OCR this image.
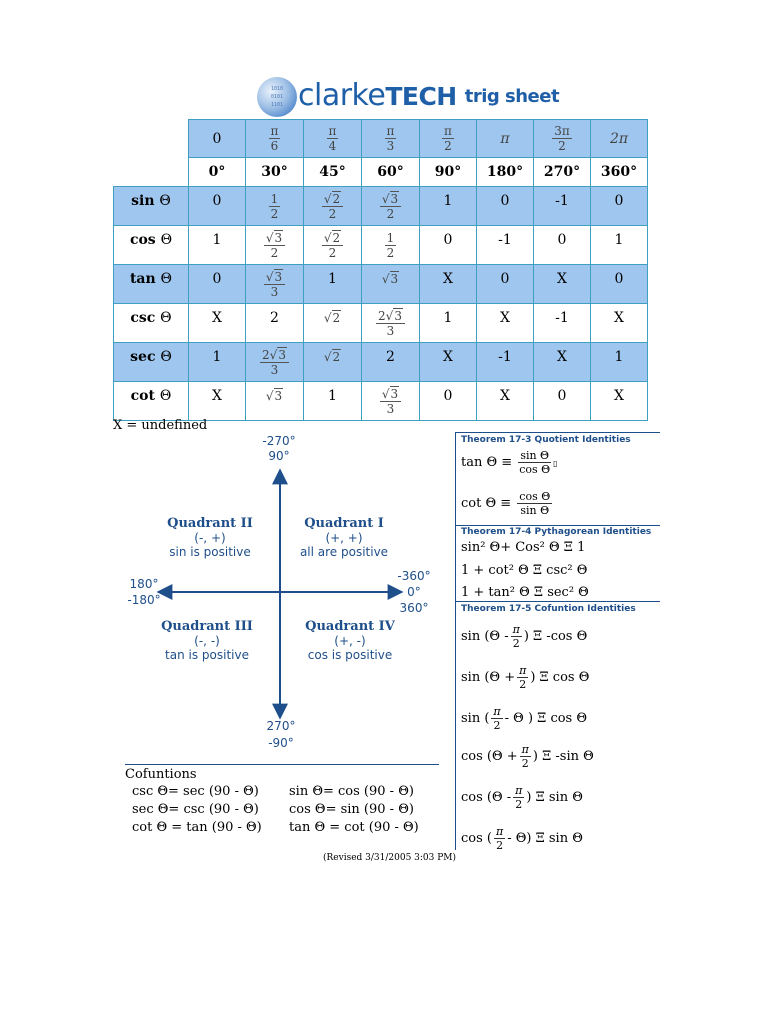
1010
0101
1101 clarkeTECH trig sheet
	0	$\frac{\pi}{6}$	$\frac{\pi}{4}$	$\frac{\pi}{3}$	$\frac{\pi}{2}$	π	$\frac{3\pi}{2}$	2π
	0°	30°	45°	60°	90°	180°	270°	360°
sin Θ	0	$\frac{1}{2}$	$\frac{√2}{2}$	$\frac{√3}{2}$	1	0	-1	0
cos Θ	1	$\frac{√3}{2}$	$\frac{√2}{2}$	$\frac{1}{2}$	0	-1	0	1
tan Θ	0	$\frac{√3}{3}$	1	√3	X	0	X	0
csc Θ	X	2	√2	$\frac{2√3}{3}$	1	X	-1	X
sec Θ	1	$\frac{2√3}{3}$	√2	2	X	-1	X	1
cot Θ	X	√3	1	$\frac{√3}{3}$	0	X	0	X
X = undefined
-270°
90°
180°
-180°
-360°
0°
360°
270°
-90°
Quadrant II
(-, +)
sin is positive
Quadrant I
(+, +)
all are positive
Quadrant III
(-, -)
tan is positive
Quadrant IV
(+, -)
cos is positive
Cofuntions
csc Θ= sec (90 - Θ)
sec Θ= csc (90 - Θ)
cot Θ = tan (90 - Θ)
sin Θ= cos (90 - Θ)
cos Θ= sin (90 - Θ)
tan Θ = cot (90 - Θ)
(Revised 3/31/2005 3:03 PM)
Theorem 17-3 Quotient Identities
$\tan \Theta \equiv \frac{\text{sin Θ}}{\text{cos Θ}}$ ▯
$\cot \Theta \equiv \frac{\text{cos Θ}}{\text{sin Θ}}$
Theorem 17-4 Pythagorean Identities
sin² Θ+ Cos² Θ Ξ 1
1 + cot² Θ Ξ csc² Θ
1 + tan² Θ Ξ sec² Θ
Theorem 17-5 Cofuntion Identities
$\sin (\Theta - \frac{\pi}{2}$ ) Ξ -cos Θ
$\sin (\Theta + \frac{\pi}{2}$ ) Ξ cos Θ
sin ( $\frac{\pi}{2}$ - Θ ) Ξ cos Θ
$\cos (\Theta + \frac{\pi}{2}$ ) Ξ -sin Θ
$\cos (\Theta - \frac{\pi}{2}$ ) Ξ sin Θ
cos ( $\frac{\pi}{2} - \Theta$) Ξ sin Θ
